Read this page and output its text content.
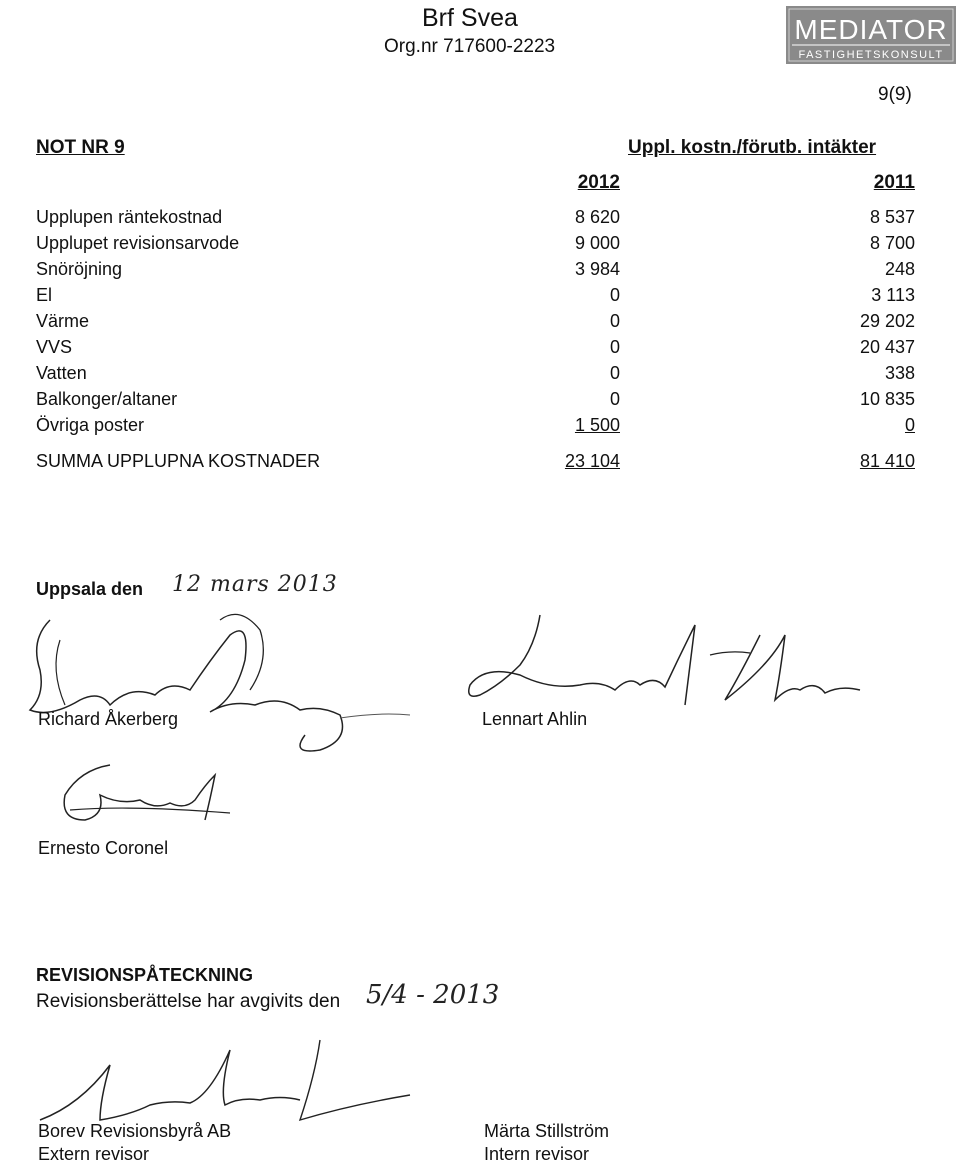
Brf Svea
Org.nr 717600-2223
MEDIATOR
FASTIGHETSKONSULT
9(9)
NOT NR 9	Uppl. kostn./förutb. intäkter
2012	2011
Upplupen räntekostnad	8 620	8 537
Upplupet revisionsarvode	9 000	8 700
Snöröjning	3 984	248
El	0	3 113
Värme	0	29 202
VVS	0	20 437
Vatten	0	338
Balkonger/altaner	0	10 835
Övriga poster	1 500	0
SUMMA UPPLUPNA KOSTNADER	23 104	81 410
Uppsala den 12 mars 2013
Richard Åkerberg	Lennart Ahlin
Ernesto Coronel
REVISIONSPÅTECKNING
Revisionsberättelse har avgivits den 5/4 - 2013
Borev Revisionsbyrå AB
Extern revisor
Märta Stillström
Intern revisor
